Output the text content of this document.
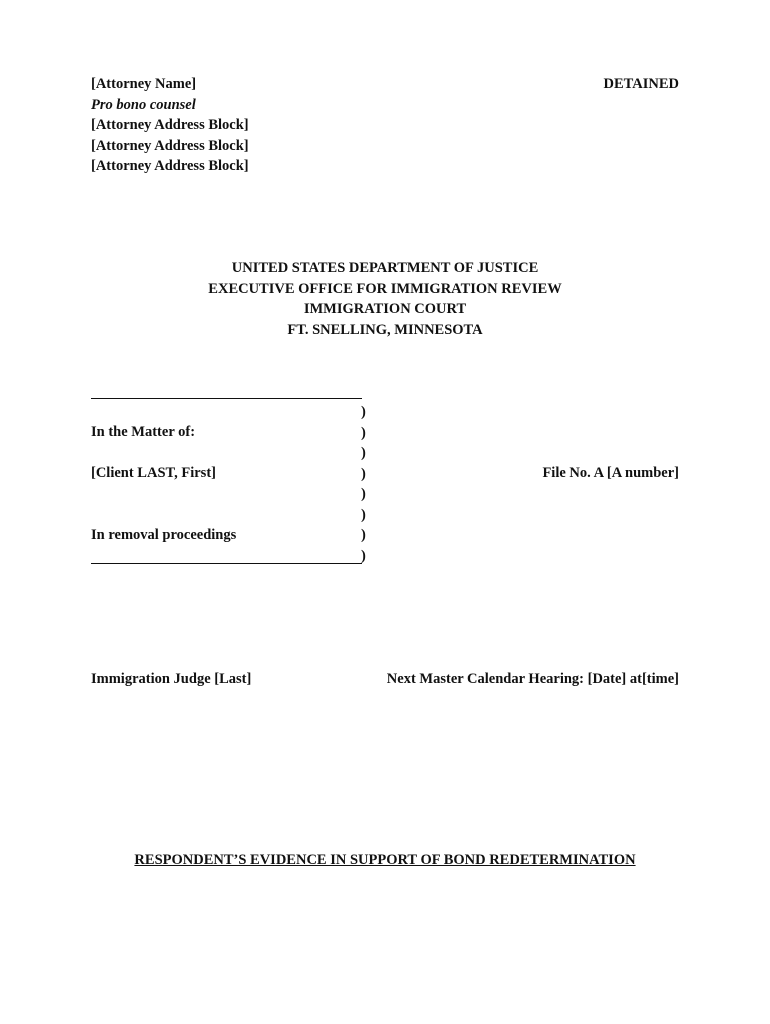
[Attorney Name]
Pro bono counsel
[Attorney Address Block]
[Attorney Address Block]
[Attorney Address Block]
DETAINED
UNITED STATES DEPARTMENT OF JUSTICE
EXECUTIVE OFFICE FOR IMMIGRATION REVIEW
IMMIGRATION COURT
FT. SNELLING, MINNESOTA
)
)
)
)
)
)
)
)
In the Matter of:
[Client LAST, First]
In removal proceedings
File No. A [A number]
Immigration Judge [Last]	Next Master Calendar Hearing: [Date] at[time]
RESPONDENT’S EVIDENCE IN SUPPORT OF BOND REDETERMINATION
